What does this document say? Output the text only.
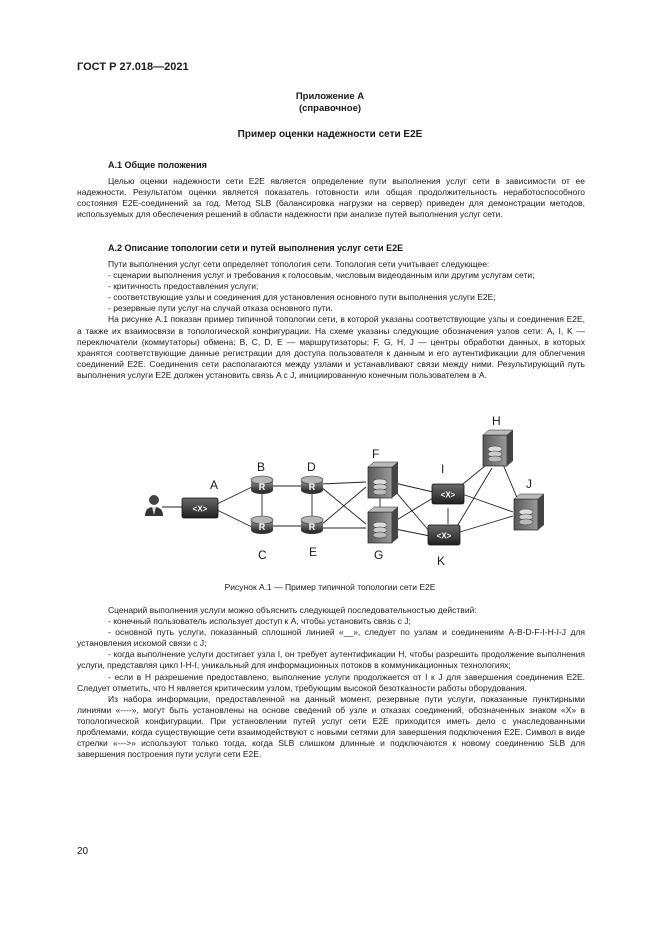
ГОСТ Р 27.018—2021
Приложение А
(справочное)
Пример оценки надежности сети E2E
А.1 Общие положения

Целью оценки надежности сети E2E является определение пути выполнения услуг сети в зависимости от ее надежности. Результатом оценки является показатель готовности или общая продолжительность неработоспособного состояния E2E-соединений за год. Метод SLB (балансировка нагрузки на сервер) приведен для демонстрации методов, используемых для обеспечения решений в области надежности при анализе путей выполнения услуг сети.

А.2 Описание топологии сети и путей выполнения услуг сети E2E

Пути выполнения услуг сети определяет топология сети. Топология сети учитывает следующее:

- сценарии выполнения услуг и требования к голосовым, числовым видеоданным или другим услугам сети;

- критичность предоставления услуги;

- соответствующие узлы и соединения для установления основного пути выполнения услуги E2E;

- резервные пути услуг на случай отказа основного пути.

На рисунке А.1 показан пример типичной топологии сети, в которой указаны соответствующие узлы и соединения E2E, а также их взаимосвязи в топологической конфигурации. На схеме указаны следующие обозначения узлов сети: A, I, K — переключатели (коммутаторы) обмена; B, C, D, E — маршрутизаторы; F, G, H, J — центры обработки данных, в которых хранятся соответствующие данные регистрации для доступа пользователя к данным и его аутентификации для облегчения соединений E2E. Соединения сети располагаются между узлами и устанавливают связи между ними. Результирующий путь выполнения услуги E2E должен установить связь A с J, инициированную конечным пользователем в А.

<X>
A	R
B
R
C
R
D
R
E
F
G
H
J
<X>
I
<X>
K
Рисунок А.1 — Пример типичной топологии сети E2E

Сценарий выполнения услуги можно объяснить следующей последовательностью действий:

- конечный пользователь использует доступ к A, чтобы установить связь с J;

- основной путь услуги, показанный сплошной линией «__», следует по узлам и соединениям A-B-D-F-I-H-I-J для установления искомой связи с J;

- когда выполнение услуги достигает узла I, он требует аутентификации H, чтобы разрешить продолжение выполнения услуги, представляя цикл I-H-I, уникальный для информационных потоков в коммуникационных технологиях;

- если в H разрешение предоставлено, выполнение услуги продолжается от I к J для завершения соединения E2E. Следует отметить, что H является критическим узлом, требующим высокой безотказности работы оборудования.

Из набора информации, предоставленной на данный момент, резервные пути услуги, показанные пунктирными линиями «----», могут быть установлены на основе сведений об узле и отказах соединений, обозначенных знаком «X» в топологической конфигурации. При установлении путей услуг сети E2E приходится иметь дело с унаследованными проблемами, когда существующие сети взаимодействуют с новыми сетями для завершения подключения E2E. Символ в виде стрелки «--->» используют только тогда, когда SLB слишком длинные и подключаются к новому соединению SLB для завершения построения пути услуги сети E2E.

20
